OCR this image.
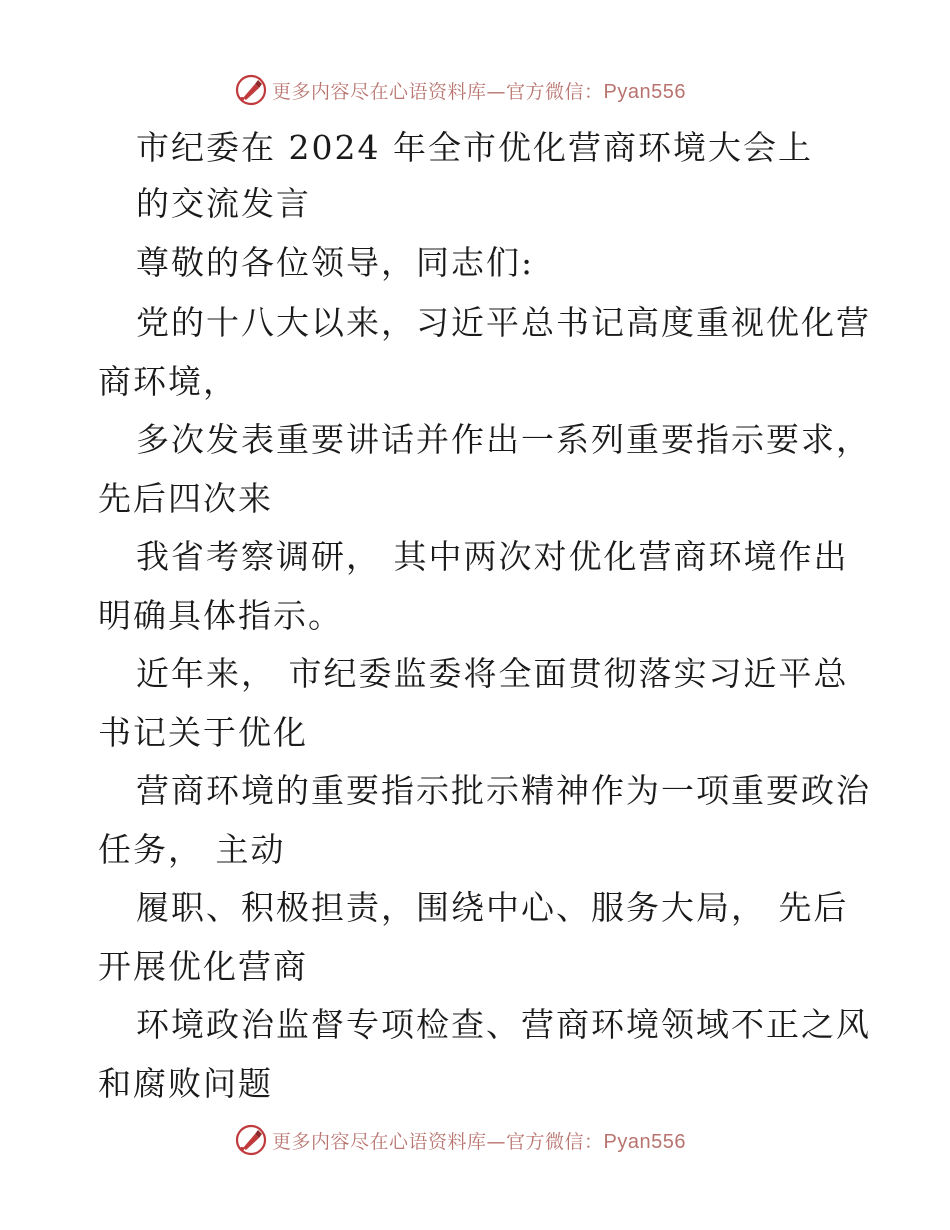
更多内容尽在心语资料库—官方微信：Pyan556
市纪委在 2024 年全市优化营商环境大会上
的交流发言
尊敬的各位领导，同志们:
党的十八大以来，习近平总书记高度重视优化营
商环境，
多次发表重要讲话并作出一系列重要指示要求，
先后四次来
我省考察调研， 其中两次对优化营商环境作出
明确具体指示。
近年来， 市纪委监委将全面贯彻落实习近平总
书记关于优化
营商环境的重要指示批示精神作为一项重要政治
任务， 主动
履职、积极担责，围绕中心、服务大局， 先后
开展优化营商
环境政治监督专项检查、营商环境领域不正之风
和腐败问题
更多内容尽在心语资料库—官方微信：Pyan556
